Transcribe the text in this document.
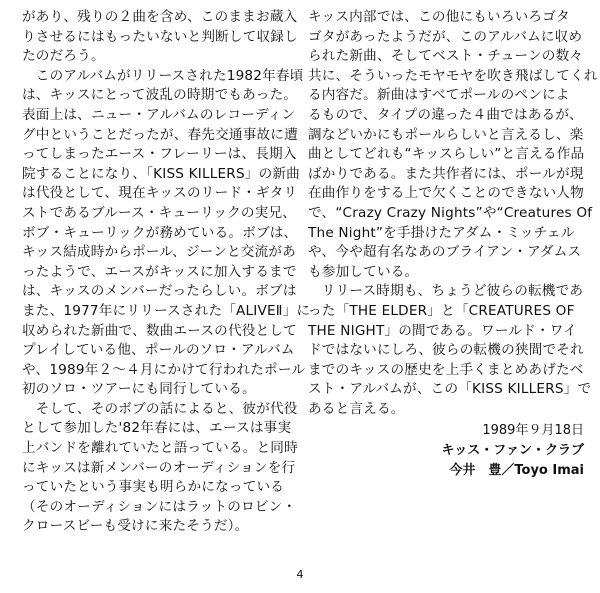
があり、残りの２曲を含め、このままお蔵入
りさせるにはもったいないと判断して収録し
たのだろう。
　このアルバムがリリースされた1982年春頃
は、キッスにとって波乱の時期でもあった。
表面上は、ニュー・アルバムのレコーディン
グ中ということだったが、春先交通事故に遭
ってしまったエース・フレーリーは、長期入
院することになり、「KISS KILLERS」の新曲
は代役として、現在キッスのリード・ギタリ
ストであるブルース・キューリックの実兄、
ボブ・キューリックが務めている。ボブは、
キッス結成時からポール、ジーンと交流があ
ったようで、エースがキッスに加入するまで
は、キッスのメンバーだったらしい。ボブは
また、1977年にリリースされた「ALIVEⅡ」に
収められた新曲で、数曲エースの代役として
プレイしている他、ポールのソロ・アルバム
や、1989年２～４月にかけて行われたポール
初のソロ・ツアーにも同行している。
　そして、そのボブの話によると、彼が代役
として参加した'82年春には、エースは事実
上バンドを離れていたと語っている。と同時
にキッスは新メンバーのオーディションを行
っていたという事実も明らかになっている
（そのオーディションにはラットのロビン・
クロースビーも受けに来たそうだ）。
キッス内部では、この他にもいろいろゴタ
ゴタがあったようだが、このアルバムに収め
られた新曲、そしてベスト・チューンの数々
共に、そういったモヤモヤを吹き飛ばしてくれ
る内容だ。新曲はすべてポールのペンによ
るもので、タイプの違った４曲ではあるが、
調などいかにもポールらしいと言えるし、楽
曲としてどれも“キッスらしい”と言える作品
ばかりである。また共作者には、ポールが現
在曲作りをする上で欠くことのできない人物
で、“Crazy Crazy Nights”や“Creatures Of
The Night”を手掛けたアダム・ミッチェル
や、今や超有名なあのブライアン・アダムス
も参加している。
　リリース時期も、ちょうど彼らの転機であ
った「THE ELDER」と「CREATURES OF
THE NIGHT」の間である。ワールド・ワイ
ドではないにしろ、彼らの転機の狭間でそれ
までのキッスの歴史を上手くまとめあげたベ
スト・アルバムが、この「KISS KILLERS」で
あると言える。
1989年９月18日
キッス・ファン・クラブ
今井　豊／Toyo Imai
4
